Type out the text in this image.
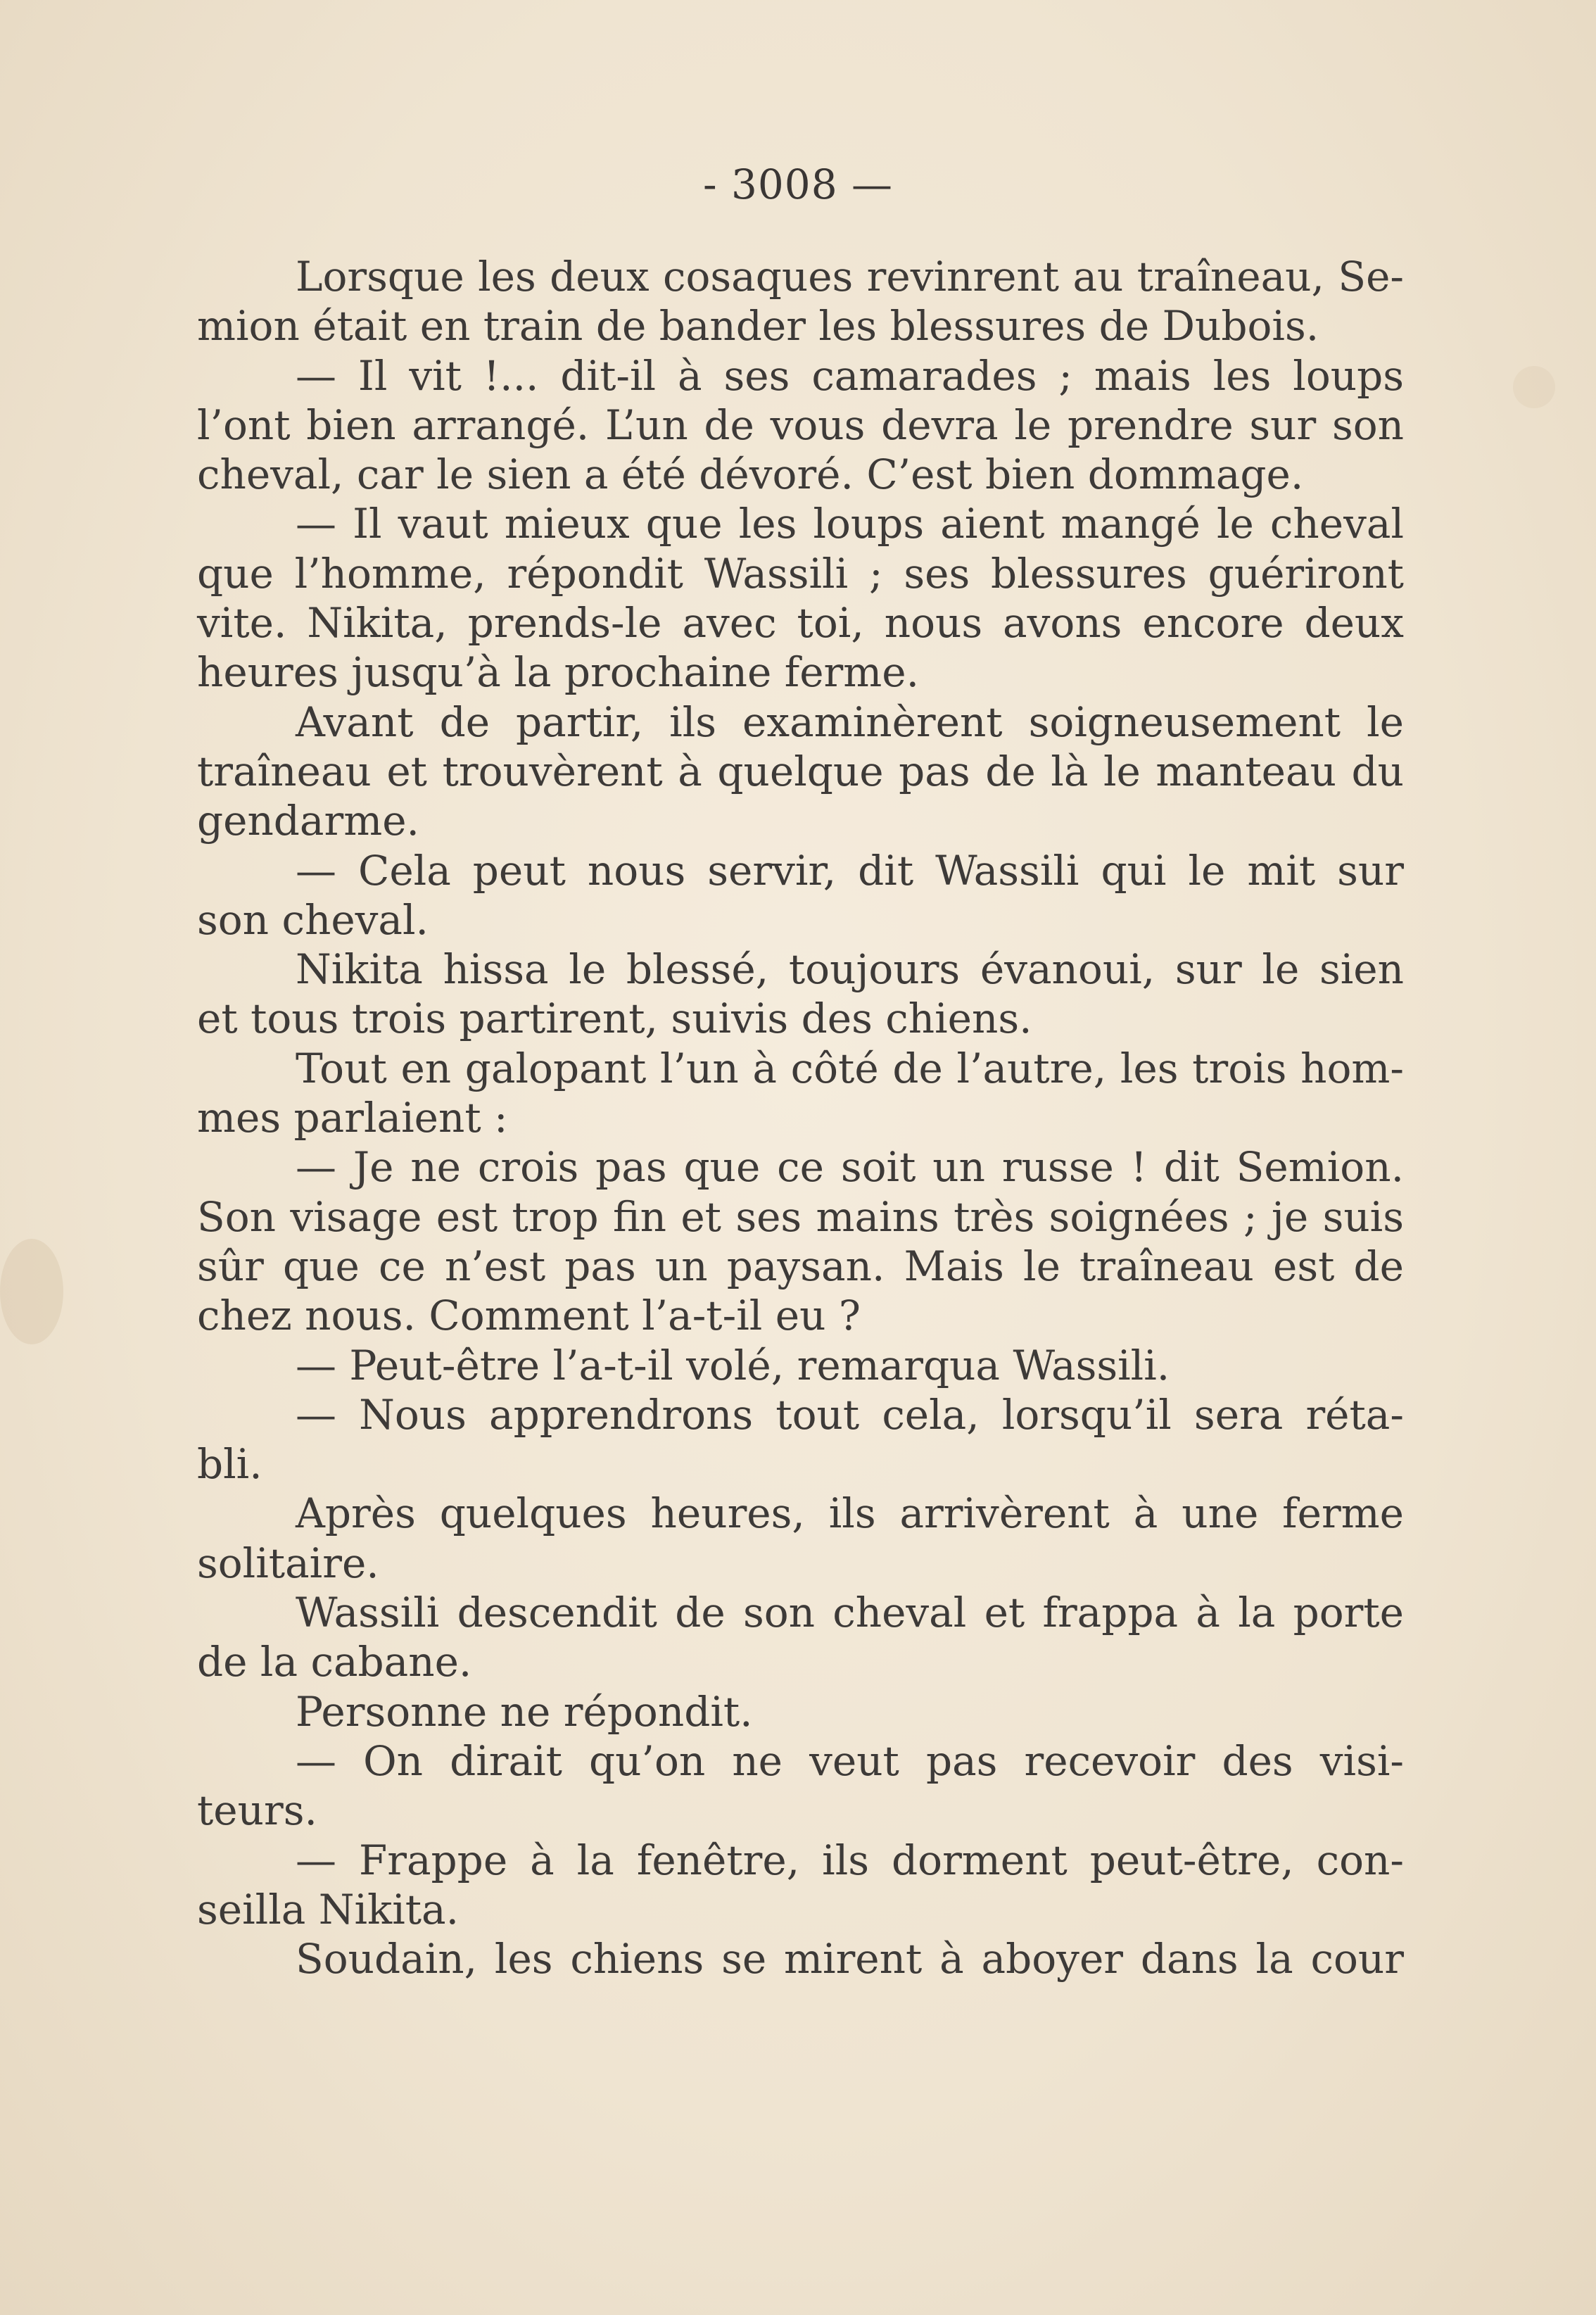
- 3008 —
Lorsque les deux cosaques revinrent au traîneau, Se-
mion était en train de bander les blessures de Dubois.
— Il vit !... dit-il à ses camarades ; mais les loups
l’ont bien arrangé. L’un de vous devra le prendre sur son
cheval, car le sien a été dévoré. C’est bien dommage.
— Il vaut mieux que les loups aient mangé le cheval
que l’homme, répondit Wassili ; ses blessures guériront
vite. Nikita, prends-le avec toi, nous avons encore deux
heures jusqu’à la prochaine ferme.
Avant de partir, ils examinèrent soigneusement le
traîneau et trouvèrent à quelque pas de là le manteau du
gendarme.
— Cela peut nous servir, dit Wassili qui le mit sur
son cheval.
Nikita hissa le blessé, toujours évanoui, sur le sien
et tous trois partirent, suivis des chiens.
Tout en galopant l’un à côté de l’autre, les trois hom-
mes parlaient :
— Je ne crois pas que ce soit un russe ! dit Semion.
Son visage est trop fin et ses mains très soignées ; je suis
sûr que ce n’est pas un paysan. Mais le traîneau est de
chez nous. Comment l’a-t-il eu ?
— Peut-être l’a-t-il volé, remarqua Wassili.
— Nous apprendrons tout cela, lorsqu’il sera réta-
bli.
Après quelques heures, ils arrivèrent à une ferme
solitaire.
Wassili descendit de son cheval et frappa à la porte
de la cabane.
Personne ne répondit.
— On dirait qu’on ne veut pas recevoir des visi-
teurs.
— Frappe à la fenêtre, ils dorment peut-être, con-
seilla Nikita.
Soudain, les chiens se mirent à aboyer dans la cour
